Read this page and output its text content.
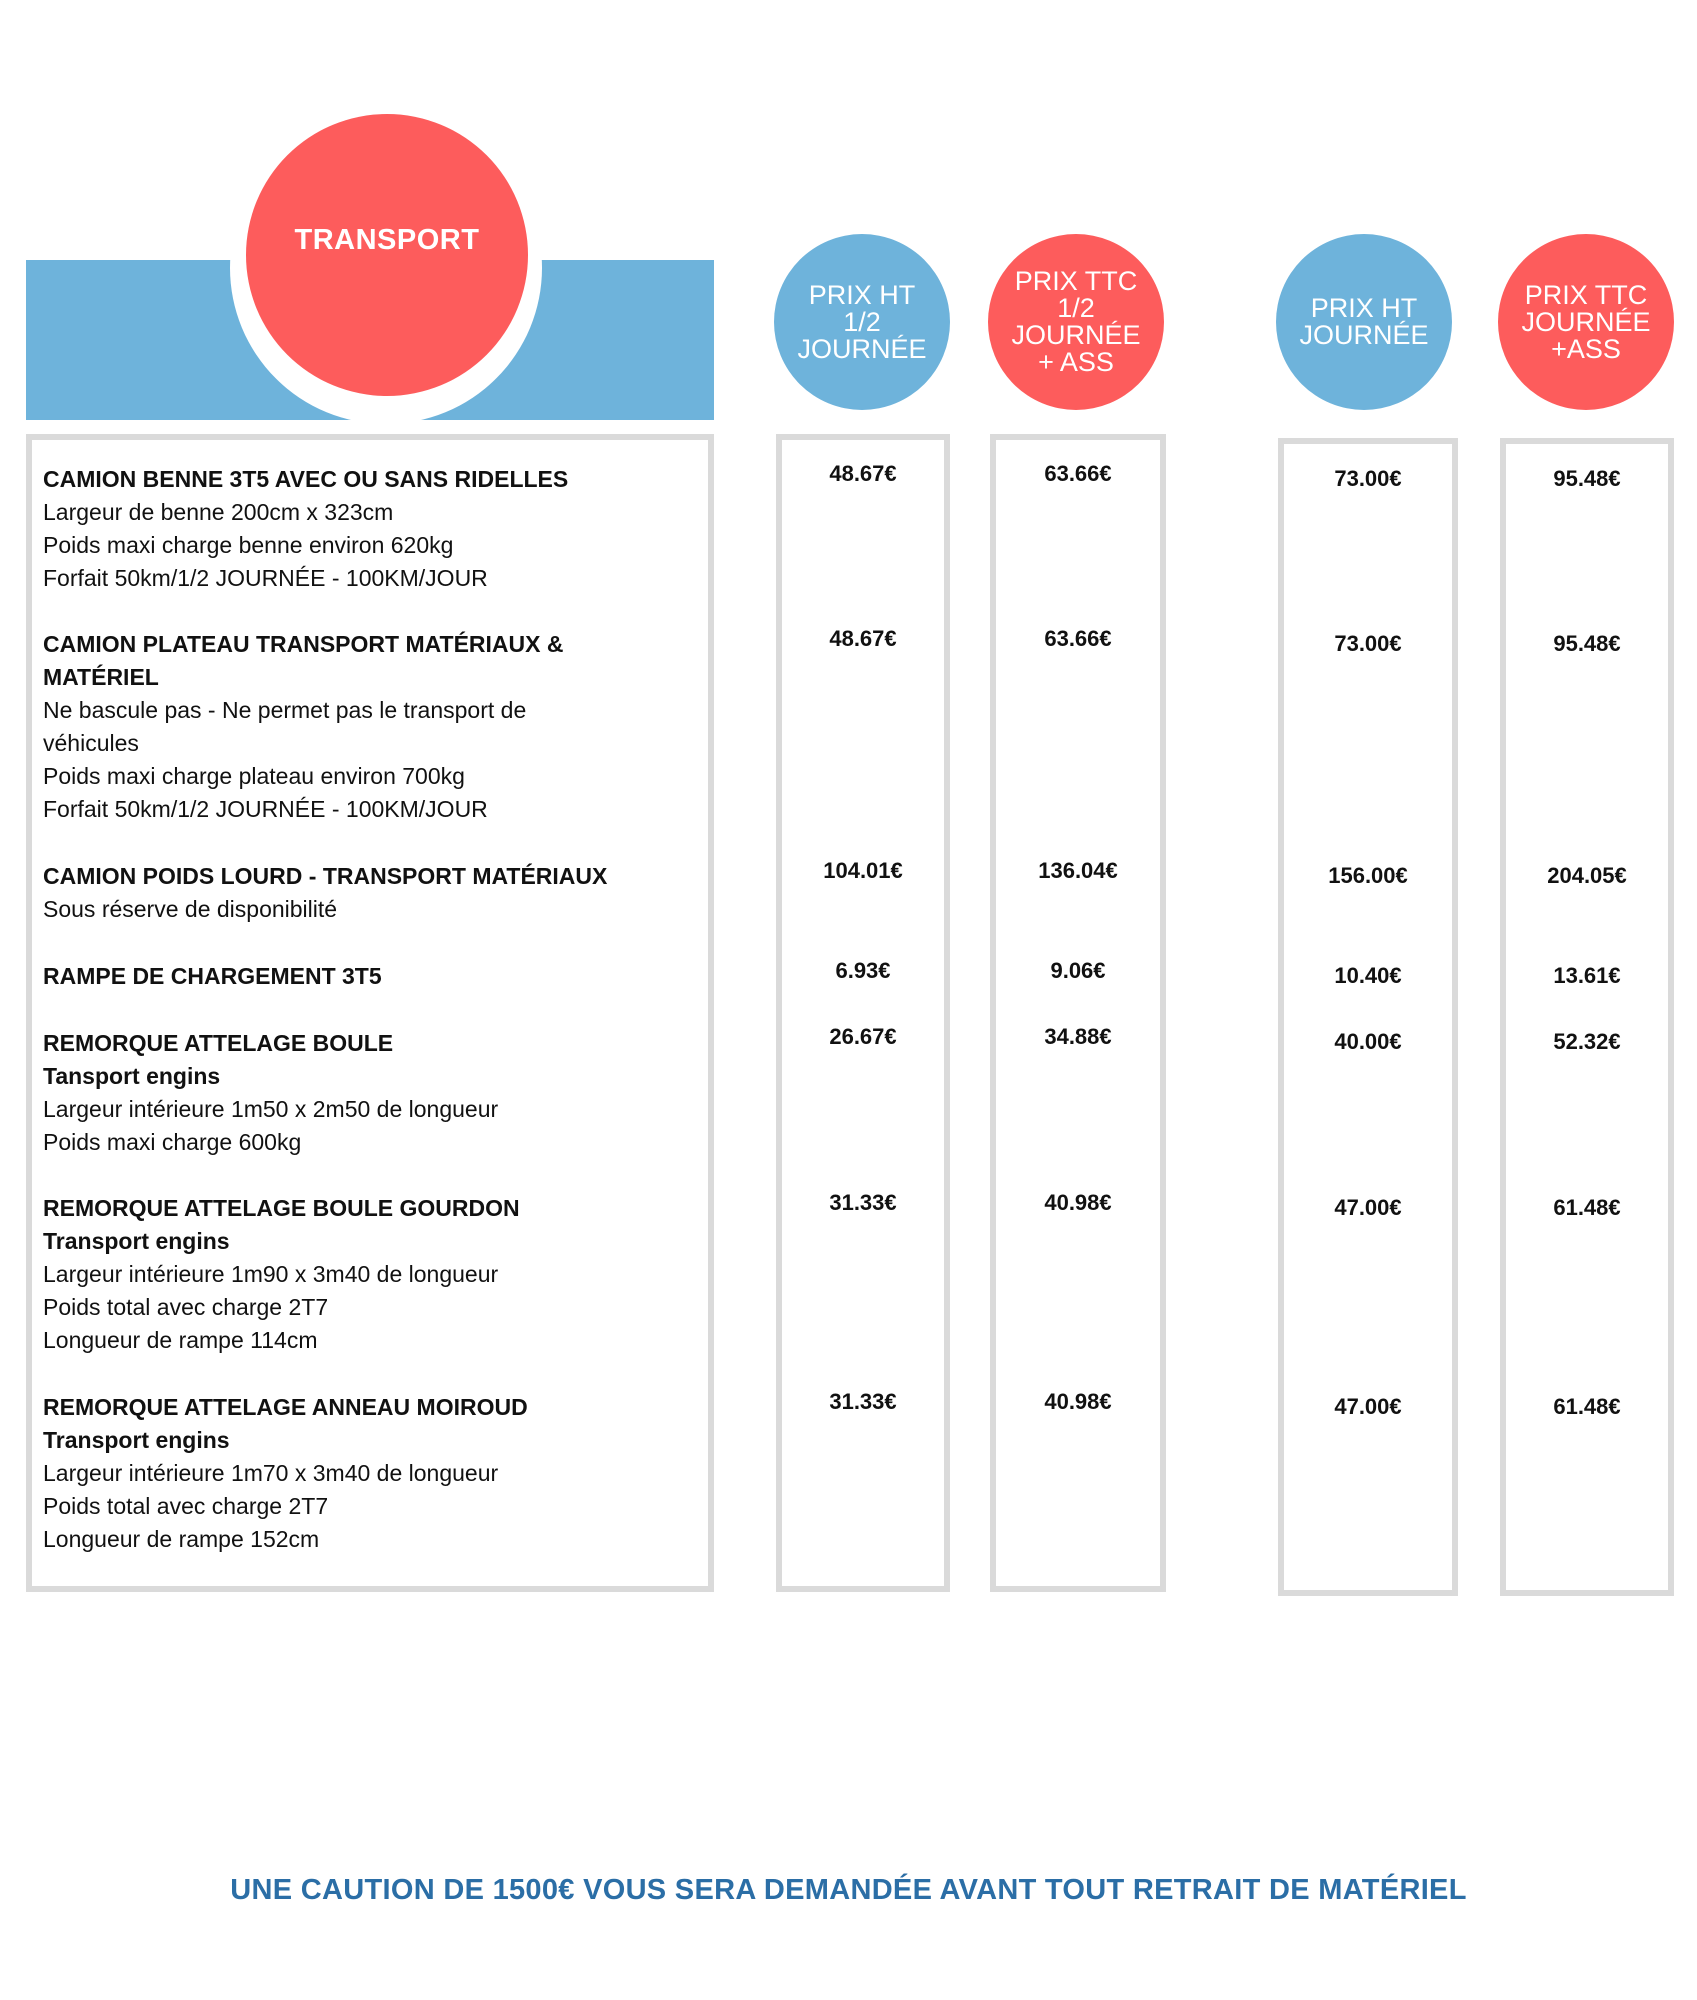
TRANSPORT
PRIX HT
1/2
JOURNÉE
PRIX TTC
1/2
JOURNÉE
+ ASS
PRIX HT
JOURNÉE
PRIX TTC
JOURNÉE
+ASS
CAMION BENNE 3T5 AVEC OU SANS RIDELLES
Largeur de benne 200cm x 323cm
Poids maxi charge benne environ 620kg
Forfait 50km/1/2 JOURNÉE - 100KM/JOUR
48.67€	63.66€	73.00€	95.48€
CAMION PLATEAU TRANSPORT MATÉRIAUX &
MATÉRIEL
Ne bascule pas - Ne permet pas le transport de
véhicules
Poids maxi charge plateau environ 700kg
Forfait 50km/1/2 JOURNÉE - 100KM/JOUR
48.67€	63.66€	73.00€	95.48€
CAMION POIDS LOURD - TRANSPORT MATÉRIAUX
Sous réserve de disponibilité
104.01€	136.04€	156.00€	204.05€
RAMPE DE CHARGEMENT 3T5	6.93€	9.06€	10.40€	13.61€
REMORQUE ATTELAGE BOULE
Tansport engins
Largeur intérieure 1m50 x 2m50 de longueur
Poids maxi charge 600kg
26.67€	34.88€	40.00€	52.32€
REMORQUE ATTELAGE BOULE GOURDON
Transport engins
Largeur intérieure 1m90 x 3m40 de longueur
Poids total avec charge 2T7
Longueur de rampe 114cm
31.33€	40.98€	47.00€	61.48€
REMORQUE ATTELAGE ANNEAU MOIROUD
Transport engins
Largeur intérieure 1m70 x 3m40 de longueur
Poids total avec charge 2T7
Longueur de rampe 152cm
31.33€	40.98€	47.00€	61.48€
UNE CAUTION DE 1500€ VOUS SERA DEMANDÉE AVANT TOUT RETRAIT DE MATÉRIEL
